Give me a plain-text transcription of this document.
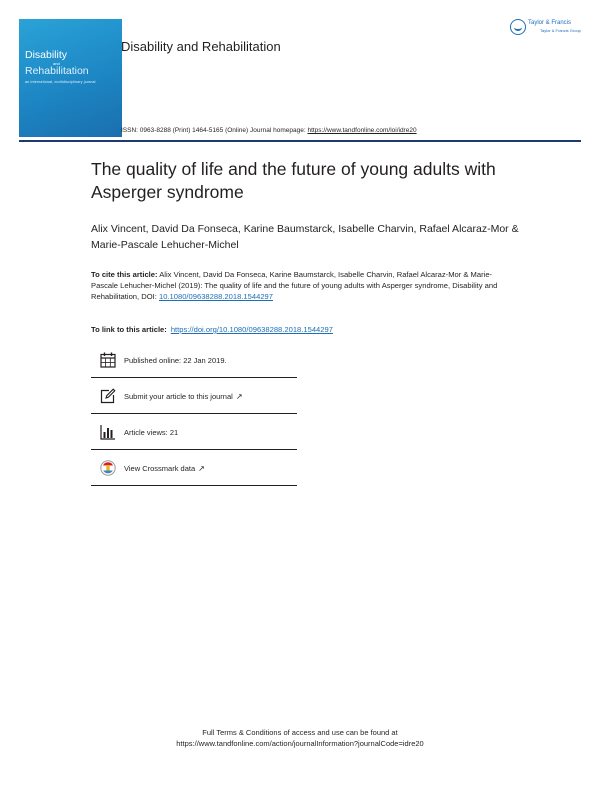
Disability
and
Rehabilitation
an international, multidisciplinary journal
Disability and Rehabilitation
Taylor & Francis
Taylor & Francis Group
ISSN: 0963-8288 (Print) 1464-5165 (Online) Journal homepage: https://www.tandfonline.com/loi/idre20
The quality of life and the future of young adults with Asperger syndrome
Alix Vincent, David Da Fonseca, Karine Baumstarck, Isabelle Charvin, Rafael Alcaraz-Mor & Marie-Pascale Lehucher-Michel
To cite this article: Alix Vincent, David Da Fonseca, Karine Baumstarck, Isabelle Charvin, Rafael Alcaraz-Mor & Marie-Pascale Lehucher-Michel (2019): The quality of life and the future of young adults with Asperger syndrome, Disability and Rehabilitation, DOI: 10.1080/09638288.2018.1544297
To link to this article: https://doi.org/10.1080/09638288.2018.1544297
Published online: 22 Jan 2019.
Submit your article to this journal ↗
Article views: 21
View Crossmark data ↗
Full Terms & Conditions of access and use can be found at
https://www.tandfonline.com/action/journalInformation?journalCode=idre20
